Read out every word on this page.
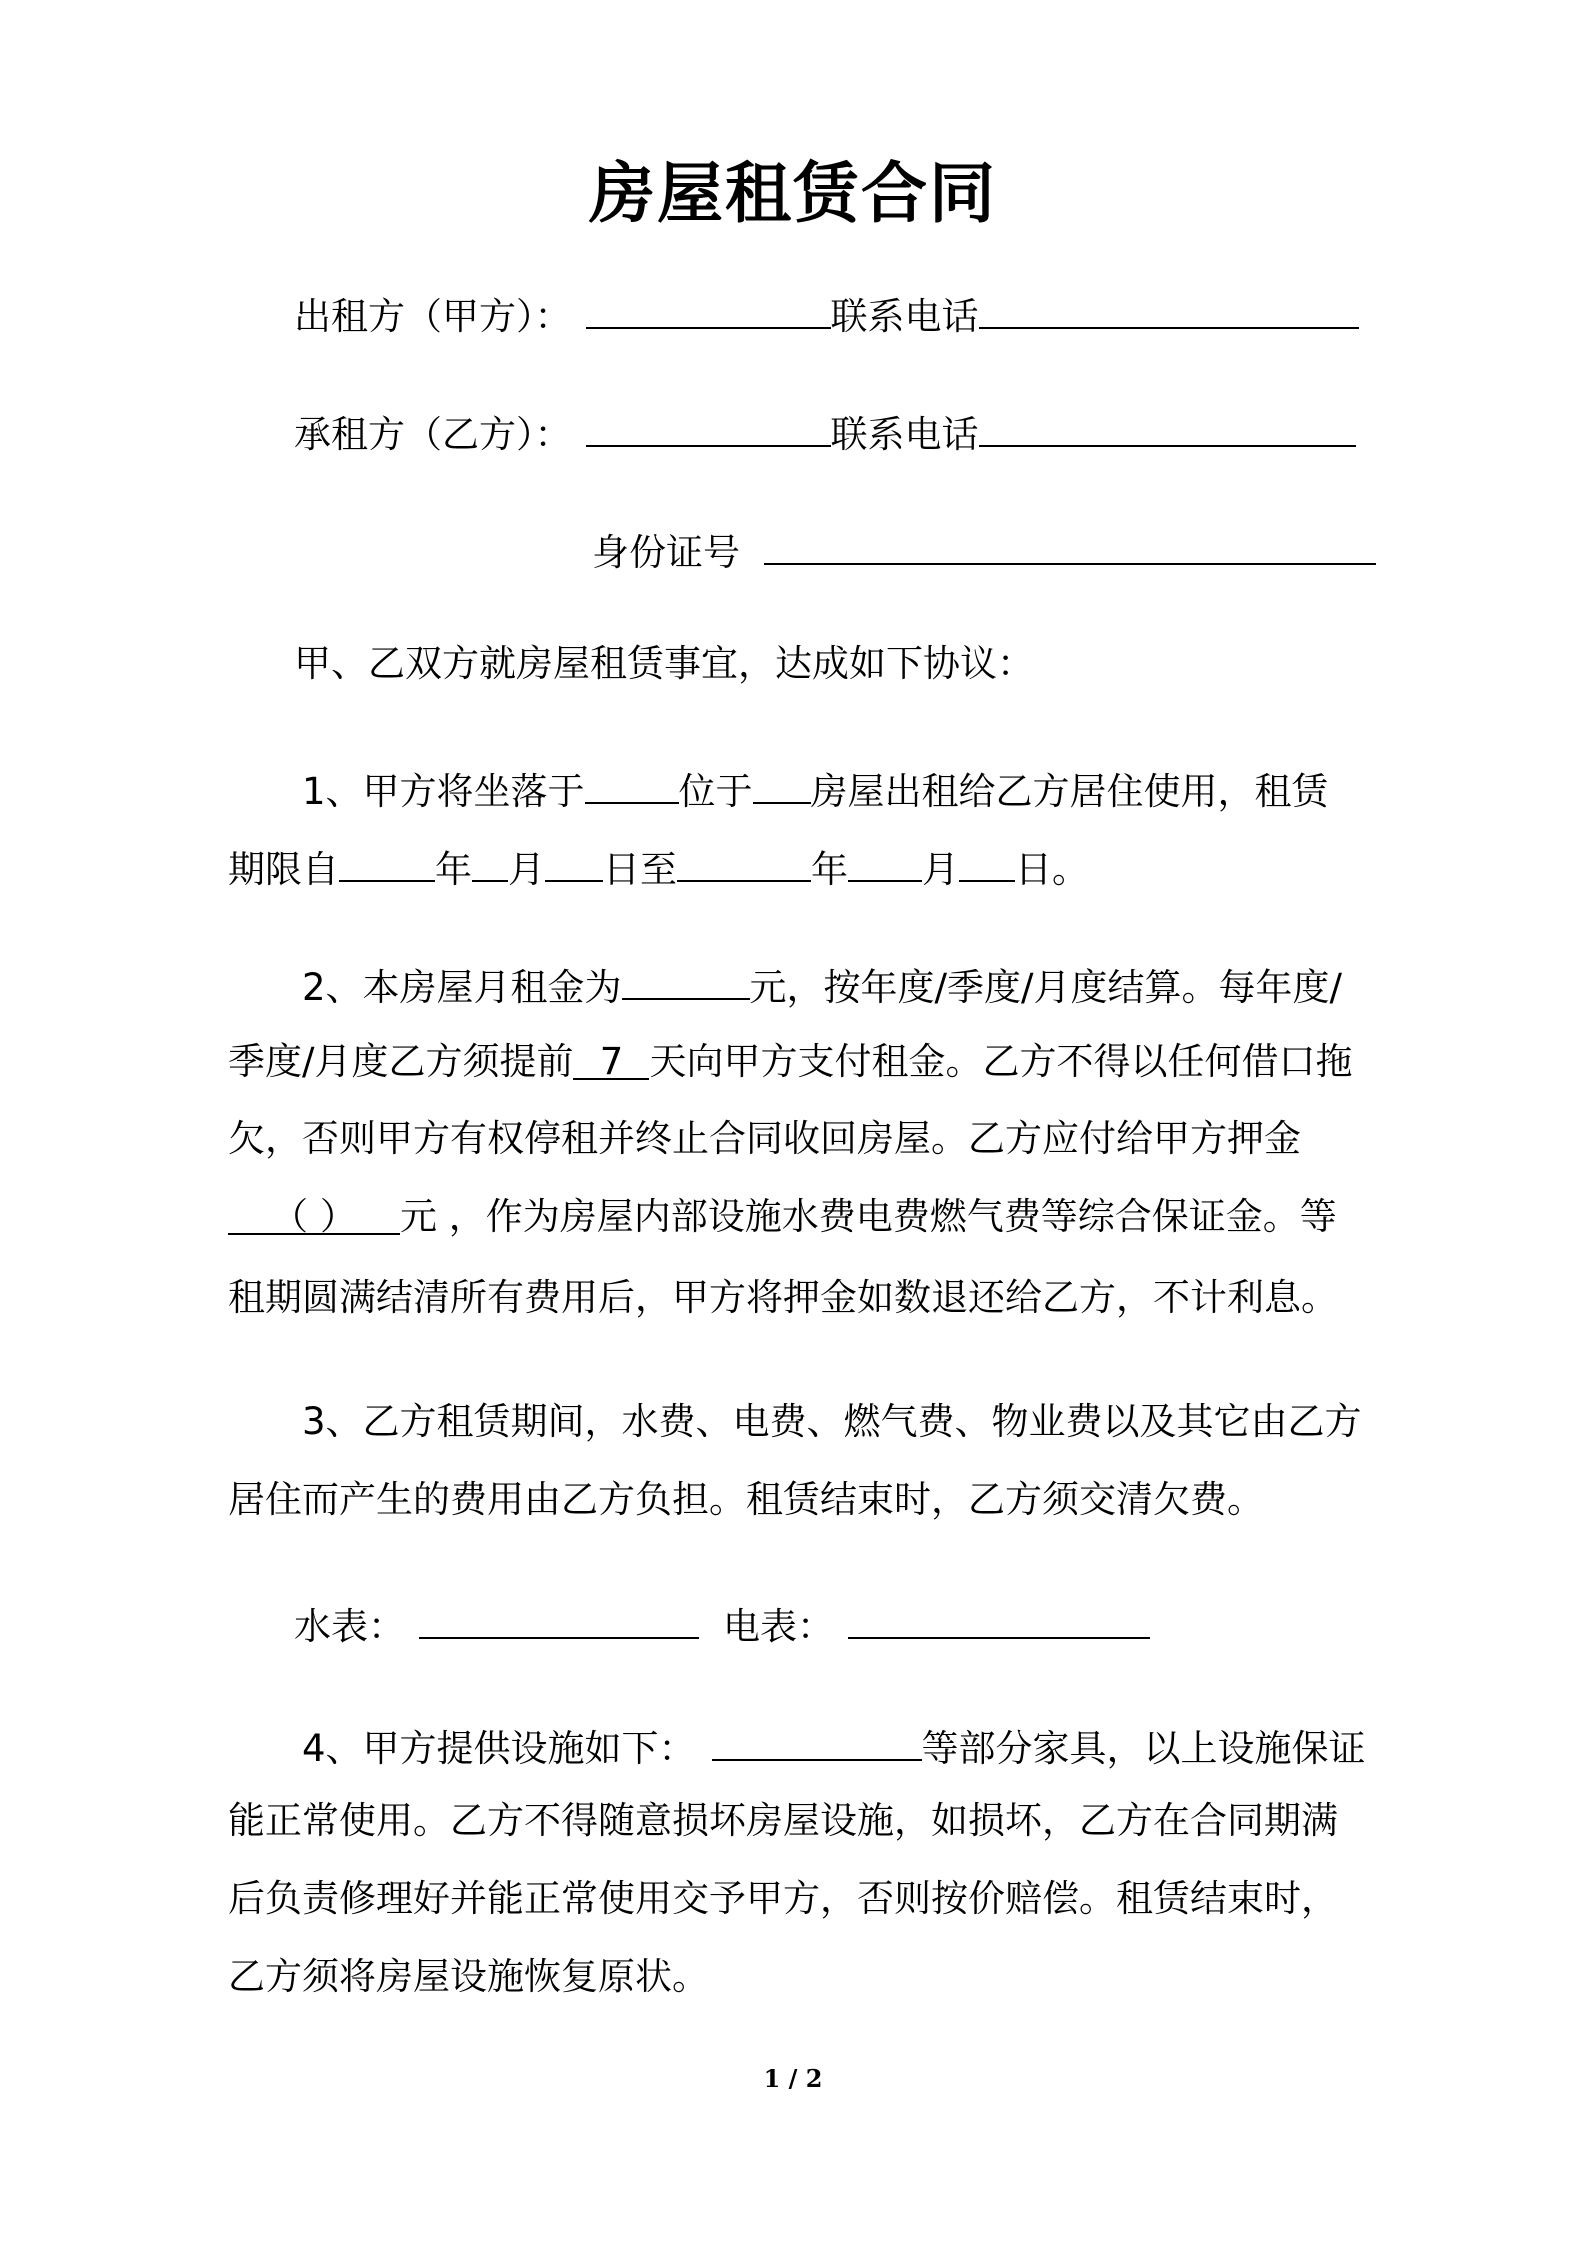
房屋租赁合同
出租方（甲方）：	联系电话
承租方（乙方）：	联系电话
身份证号
甲、乙双方就房屋租赁事宜，达成如下协议：
1、甲方将坐落于	位于 房屋出租给乙方居住使用，租赁
期限自	年 月 日至	年 月 日。
2、本房屋月租金为	元，按年度/季度/月度结算。每年度/
季度/月度乙方须提前 7 天向甲方支付租金。乙方不得以任何借口拖
欠，否则甲方有权停租并终止合同收回房屋。乙方应付给甲方押金
（ ） 元 ，作为房屋内部设施水费电费燃气费等综合保证金。等
租期圆满结清所有费用后，甲方将押金如数退还给乙方，不计利息。
3、乙方租赁期间，水费、电费、燃气费、物业费以及其它由乙方
居住而产生的费用由乙方负担。租赁结束时，乙方须交清欠费。
水表：	电表：
4、甲方提供设施如下：	等部分家具，以上设施保证
能正常使用。乙方不得随意损坏房屋设施，如损坏，乙方在合同期满
后负责修理好并能正常使用交予甲方，否则按价赔偿。租赁结束时，
乙方须将房屋设施恢复原状。
1 / 2
